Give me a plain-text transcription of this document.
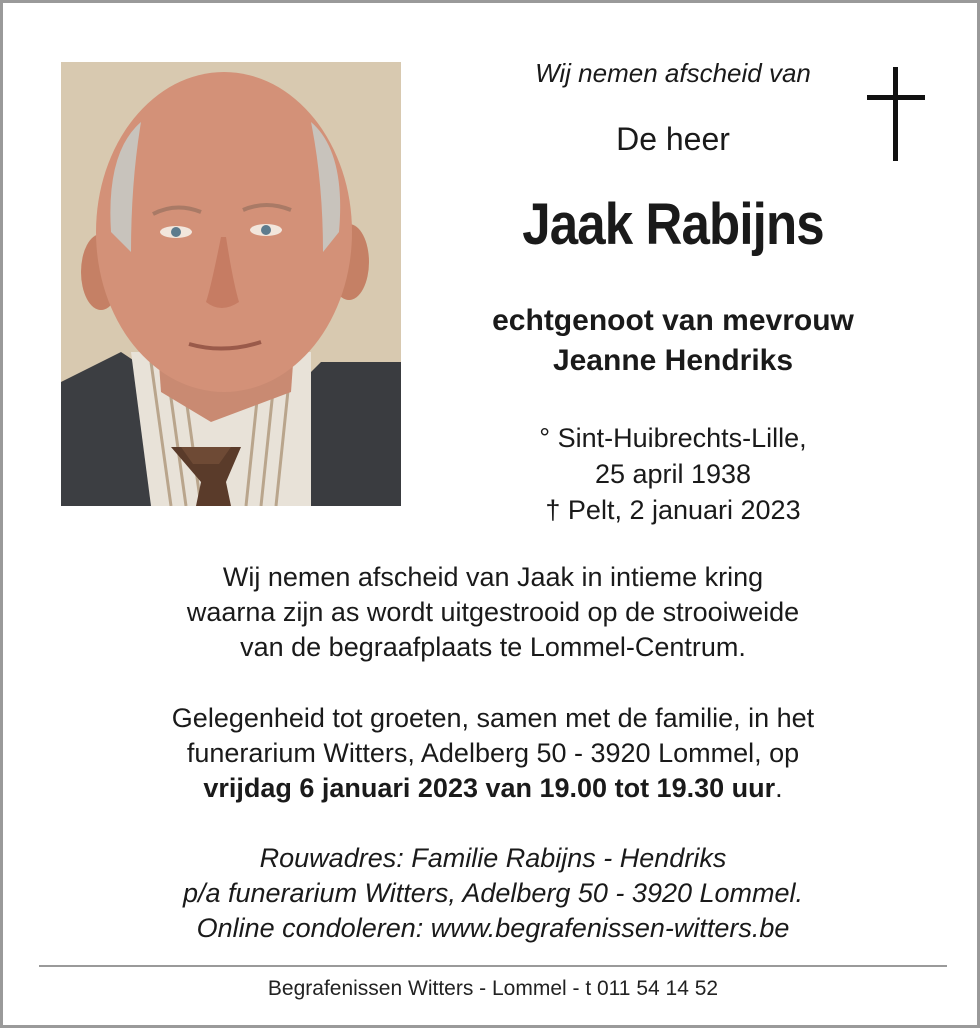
Wij nemen afscheid van
De heer
Jaak Rabijns
echtgenoot van mevrouw
Jeanne Hendriks
° Sint-Huibrechts-Lille,
25 april 1938
† Pelt, 2 januari 2023
Wij nemen afscheid van Jaak in intieme kring
waarna zijn as wordt uitgestrooid op de strooiweide
van de begraafplaats te Lommel-Centrum.
Gelegenheid tot groeten, samen met de familie, in het
funerarium Witters, Adelberg 50 - 3920 Lommel, op
vrijdag 6 januari 2023 van 19.00 tot 19.30 uur.
Rouwadres: Familie Rabijns - Hendriks
p/a funerarium Witters, Adelberg 50 - 3920 Lommel.
Online condoleren: www.begrafenissen-witters.be
Begrafenissen Witters - Lommel - t 011 54 14 52
